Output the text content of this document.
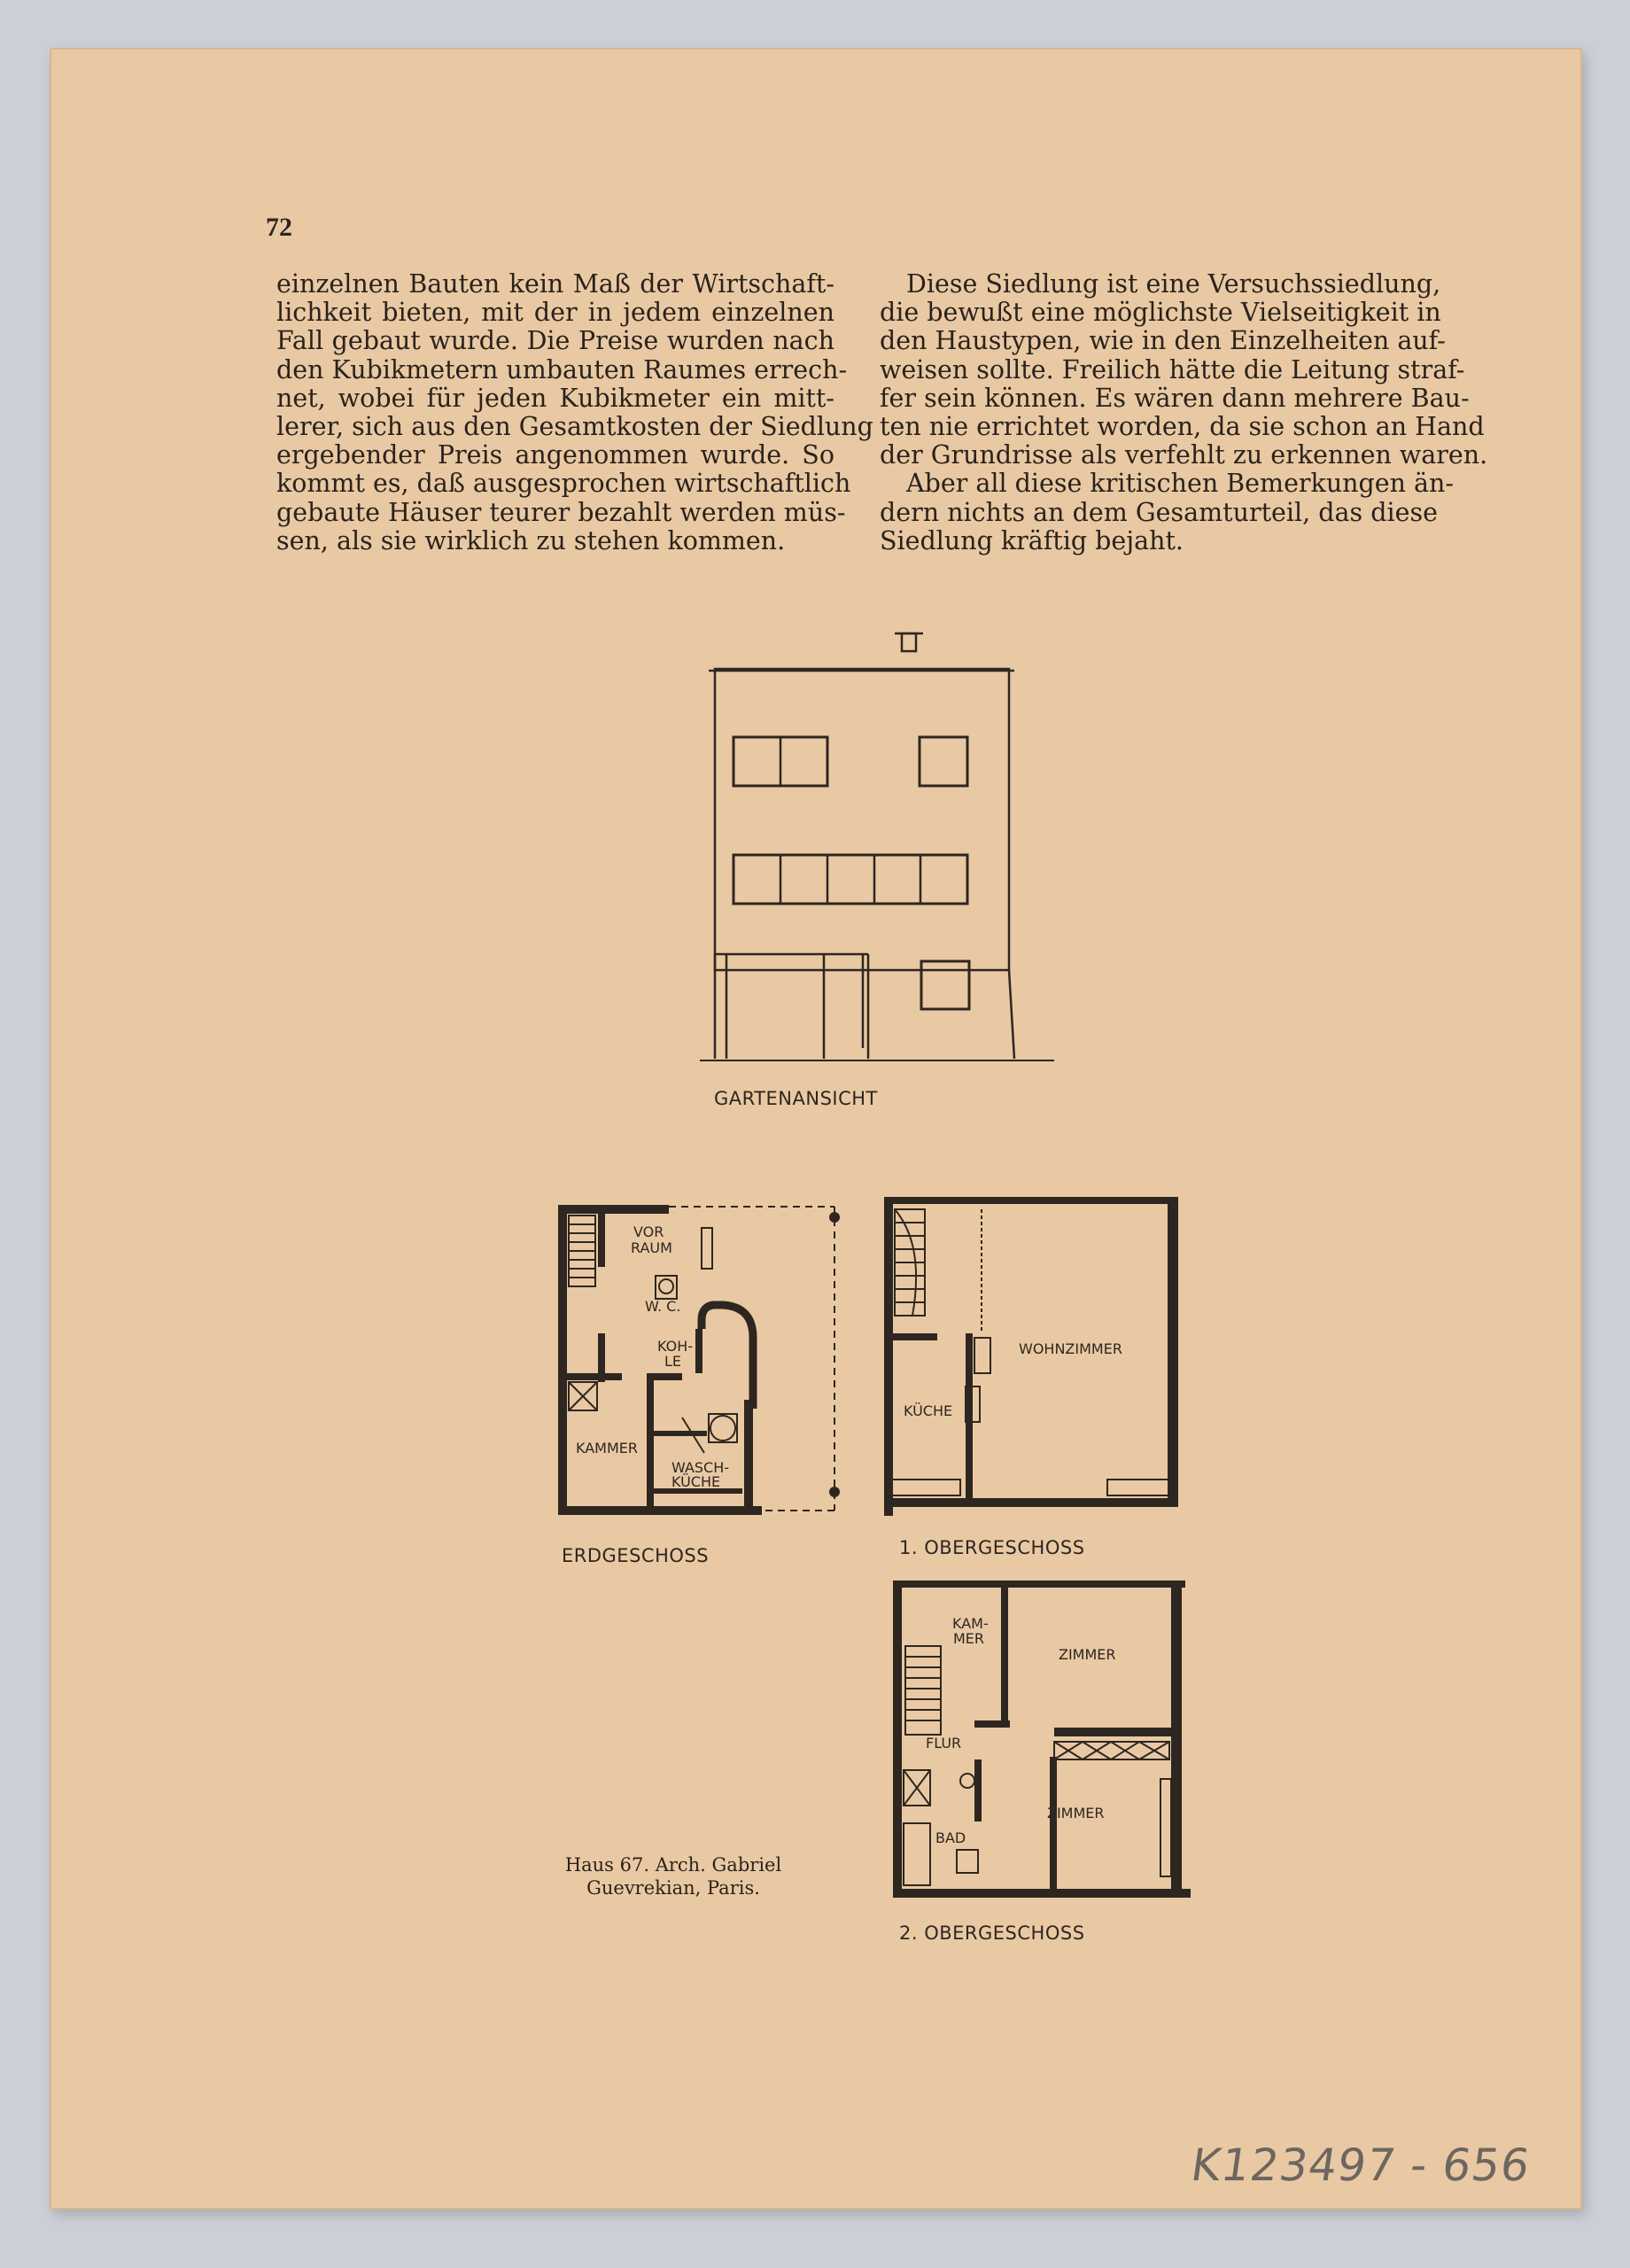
72
einzelnen Bauten kein Maß der Wirtschaft-
lichkeit bieten, mit der in jedem einzelnen
Fall gebaut wurde. Die Preise wurden nach
den Kubikmetern umbauten Raumes errech-
net, wobei für jeden Kubikmeter ein mitt-
lerer, sich aus den Gesamtkosten der Siedlung
ergebender Preis angenommen wurde. So
kommt es, daß ausgesprochen wirtschaftlich
gebaute Häuser teurer bezahlt werden müs-
sen, als sie wirklich zu stehen kommen.
Diese Siedlung ist eine Versuchssiedlung,
die bewußt eine möglichste Vielseitigkeit in
den Haustypen, wie in den Einzelheiten auf-
weisen sollte. Freilich hätte die Leitung straf-
fer sein können. Es wären dann mehrere Bau-
ten nie errichtet worden, da sie schon an Hand
der Grundrisse als verfehlt zu erkennen waren.
Aber all diese kritischen Bemerkungen än-
dern nichts an dem Gesamturteil, das diese
Siedlung kräftig bejaht.
GARTENANSICHT
VOR
RAUM
W. C.
KOH-
LE
KAMMER
WASCH-
KÜCHE
ERDGESCHOSS
WOHNZIMMER
KÜCHE
1. OBERGESCHOSS
KAM-
MER
ZIMMER
FLUR
ZIMMER
BAD
2. OBERGESCHOSS
Haus 67. Arch. Gabriel
Guevrekian, Paris.
K123497 - 656
